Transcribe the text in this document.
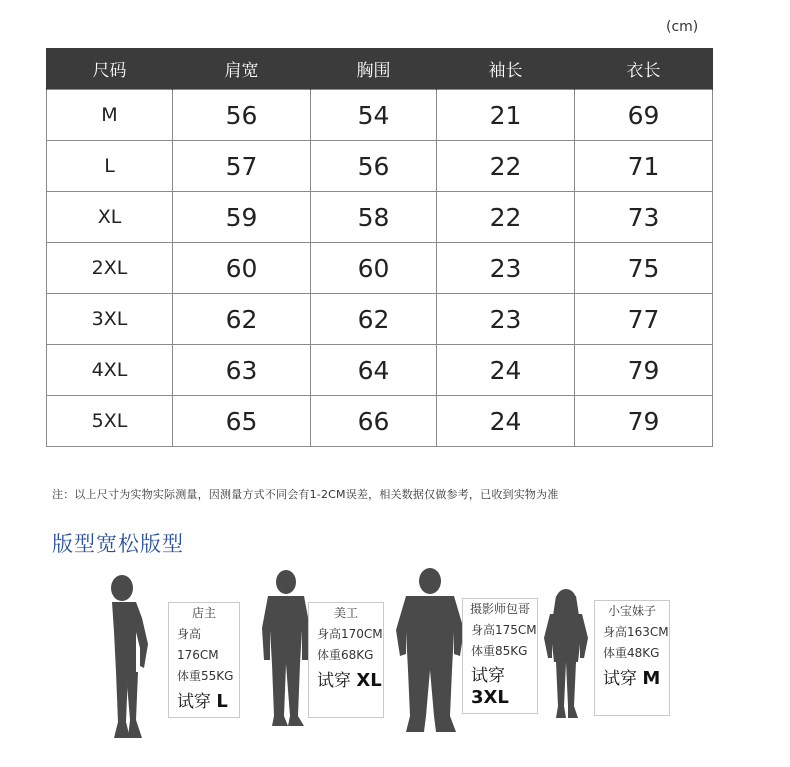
(cm)
尺码	肩宽	胸围	袖长	衣长
M	56	54	21	69
L	57	56	22	71
XL	59	58	22	73
2XL	60	60	23	75
3XL	62	62	23	77
4XL	63	64	24	79
5XL	65	66	24	79
注：以上尺寸为实物实际测量，因测量方式不同会有1-2CM误差，相关数据仅做参考，已收到实物为准
版型宽松版型
店主
身高176CM
体重55KG
试穿 L
美工
身高170CM
体重68KG
试穿 XL
摄影师包哥
身高175CM
体重85KG
试穿3XL
小宝妹子
身高163CM
体重48KG
试穿 M
